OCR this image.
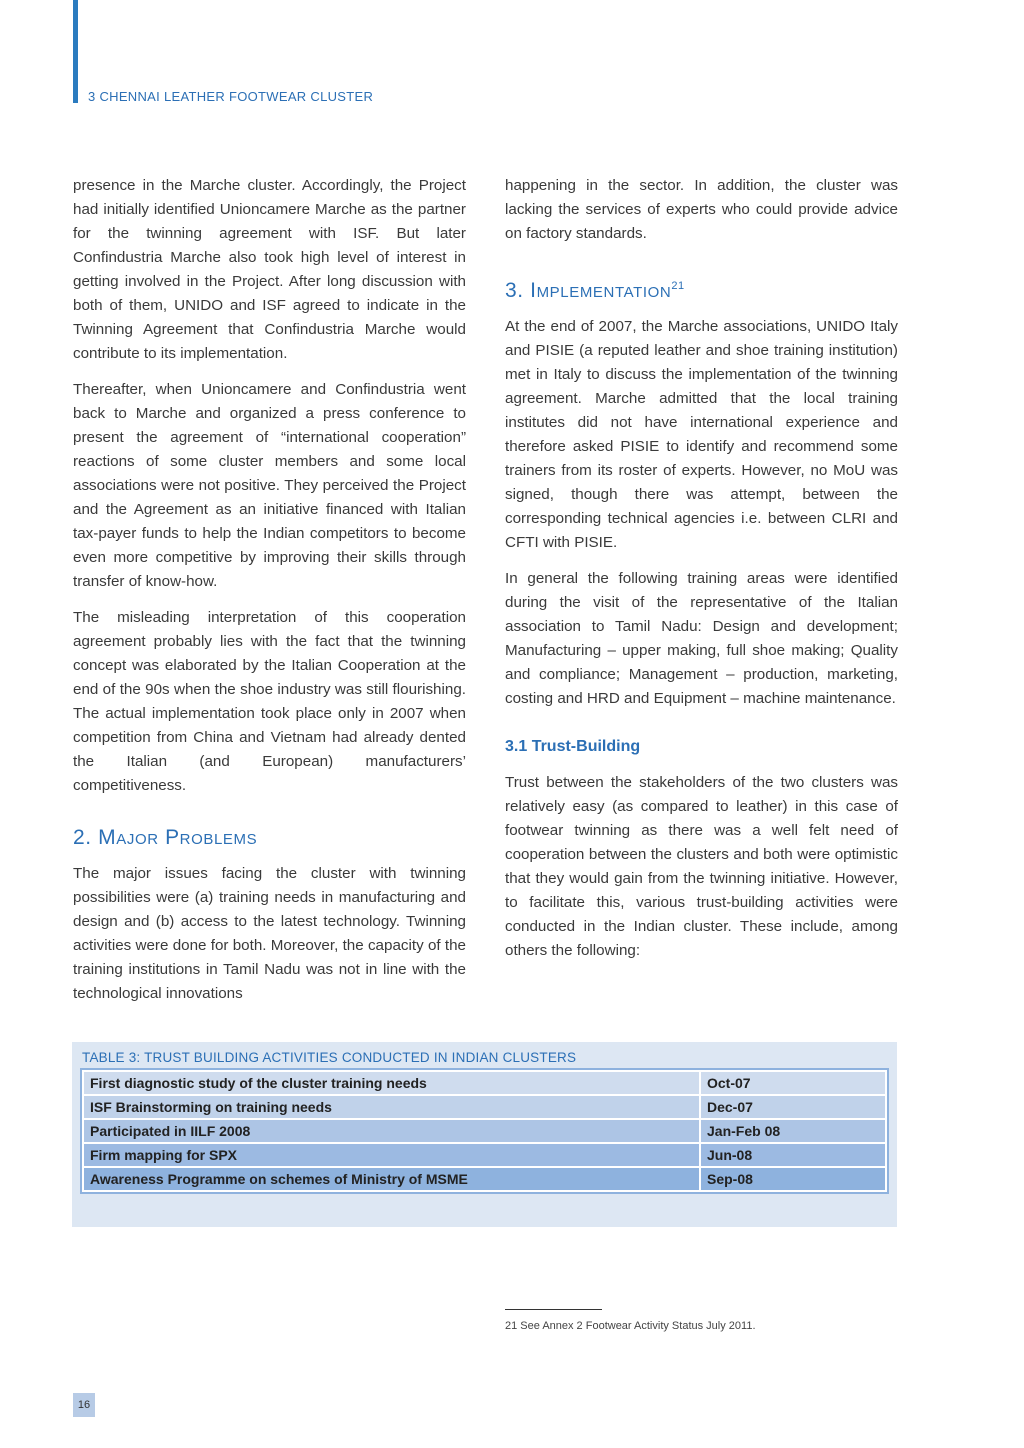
3 CHENNAI LEATHER FOOTWEAR CLUSTER

presence in the Marche cluster. Accordingly, the Project had initially identified Unioncamere Marche as the partner for the twinning agreement with ISF. But later Confindustria Marche also took high level of interest in getting involved in the Project. After long discussion with both of them, UNIDO and ISF agreed to indicate in the Twinning Agreement that Confindustria Marche would contribute to its implementation.

Thereafter, when Unioncamere and Confindustria went back to Marche and organized a press conference to present the agreement of “international cooperation” reactions of some cluster members and some local associations were not positive. They perceived the Project and the Agreement as an initiative financed with Italian tax-payer funds to help the Indian competitors to become even more competitive by improving their skills through transfer of know-how.

The misleading interpretation of this cooperation agreement probably lies with the fact that the twinning concept was elaborated by the Italian Cooperation at the end of the 90s when the shoe industry was still flourishing. The actual implementation took place only in 2007 when competition from China and Vietnam had already dented the Italian (and European) manufacturers’ competitiveness.

2. Major Problems

The major issues facing the cluster with twinning possibilities were (a) training needs in manufacturing and design and (b) access to the latest technology. Twinning activities were done for both. Moreover, the capacity of the training institutions in Tamil Nadu was not in line with the technological innovations

happening in the sector. In addition, the cluster was lacking the services of experts who could provide advice on factory standards.

3. Implementation$^{21}$

At the end of 2007, the Marche associations, UNIDO Italy and PISIE (a reputed leather and shoe training institution) met in Italy to discuss the implementation of the twinning agreement. Marche admitted that the local training institutes did not have international experience and therefore asked PISIE to identify and recommend some trainers from its roster of experts. However, no MoU was signed, though there was attempt, between the corresponding technical agencies i.e. between CLRI and CFTI with PISIE.

In general the following training areas were identified during the visit of the representative of the Italian association to Tamil Nadu: Design and development; Manufacturing – upper making, full shoe making; Quality and compliance; Management – production, marketing, costing and HRD and Equipment – machine maintenance.

3.1 Trust-Building

Trust between the stakeholders of the two clusters was relatively easy (as compared to leather) in this case of footwear twinning as there was a well felt need of cooperation between the clusters and both were optimistic that they would gain from the twinning initiative. However, to facilitate this, various trust-building activities were conducted in the Indian cluster. These include, among others the following:

TABLE 3: TRUST BUILDING ACTIVITIES CONDUCTED IN INDIAN CLUSTERS
First diagnostic study of the cluster training needs	Oct-07
ISF Brainstorming on training needs	Dec-07
Participated in IILF 2008	Jan-Feb 08
Firm mapping for SPX	Jun-08
Awareness Programme on schemes of Ministry of MSME	Sep-08
21 See Annex 2 Footwear Activity Status July 2011.
16
